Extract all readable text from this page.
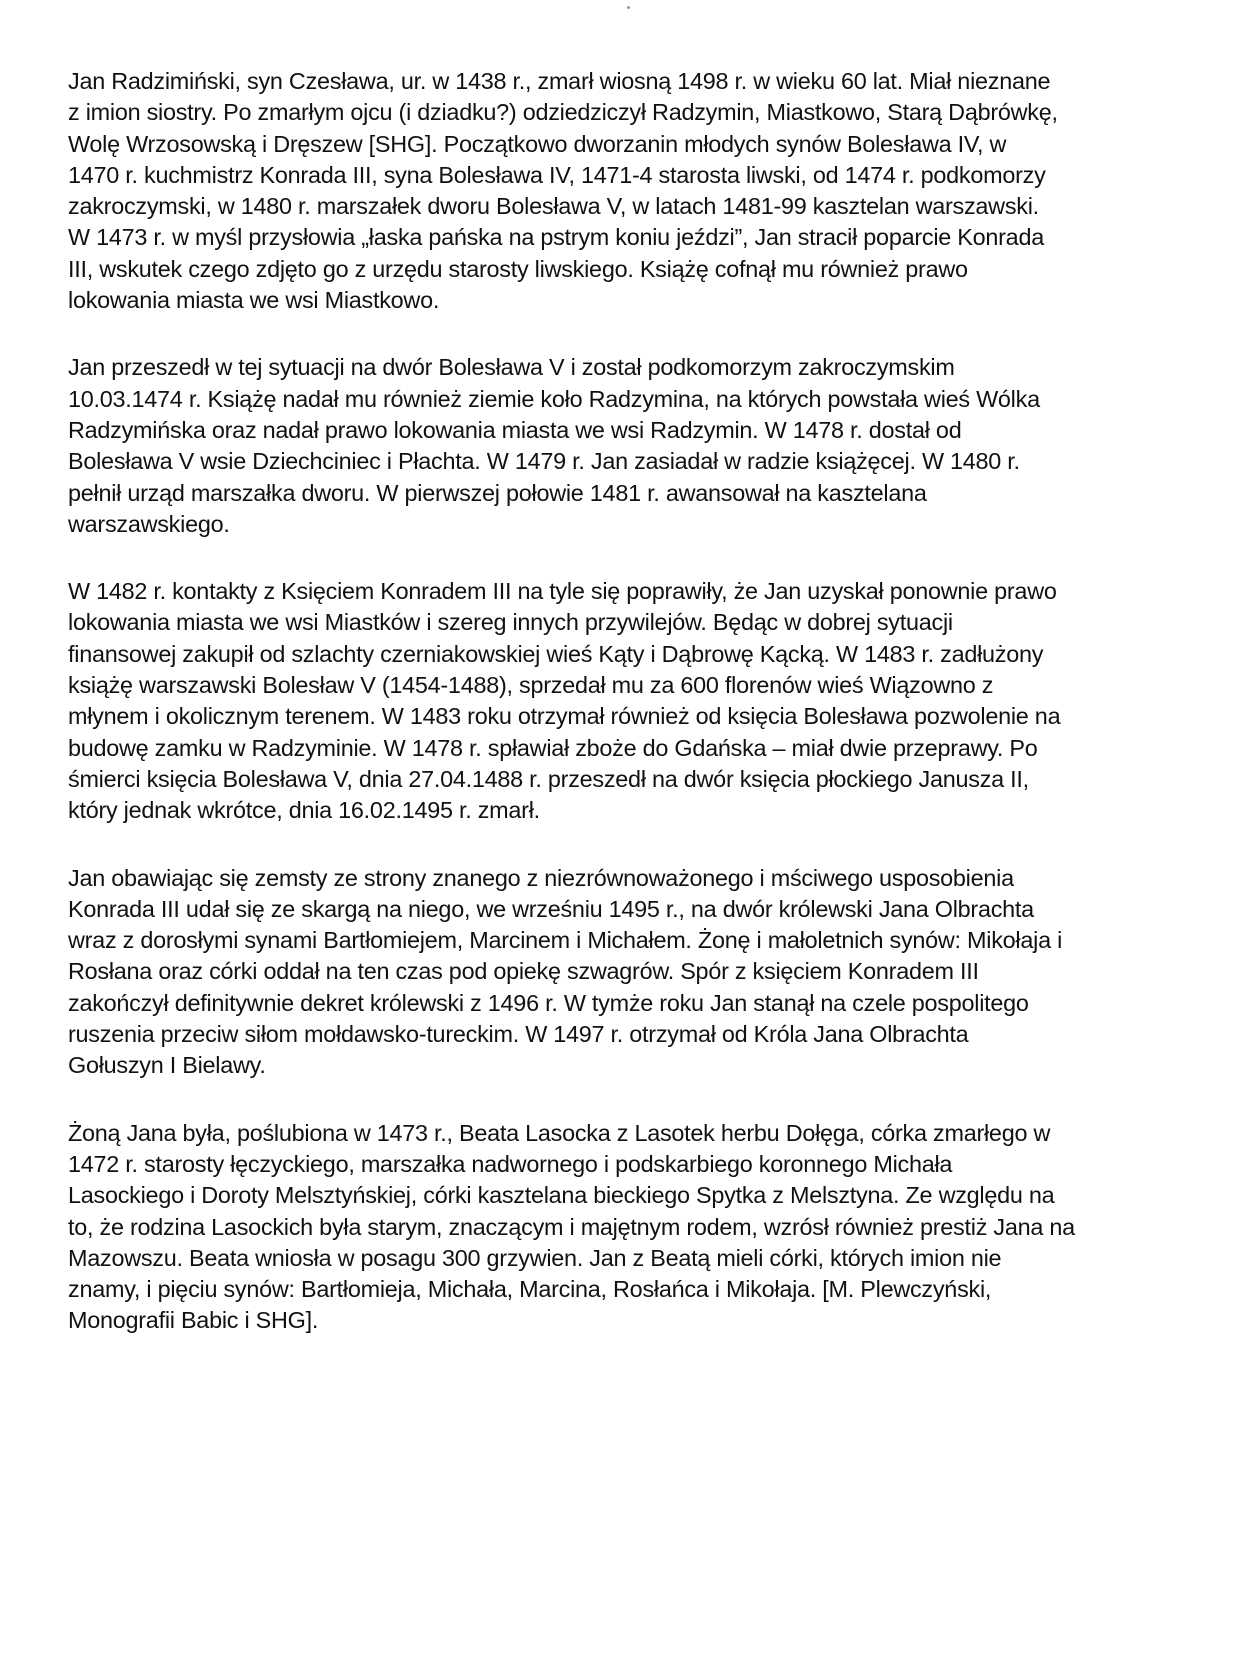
Jan Radzimiński, syn Czesława, ur. w 1438 r., zmarł wiosną 1498 r. w wieku 60 lat. Miał nieznane
z imion siostry. Po zmarłym ojcu (i dziadku?) odziedziczył Radzymin, Miastkowo, Starą Dąbrówkę,
Wolę Wrzosowską i Dręszew [SHG]. Początkowo dworzanin młodych synów Bolesława IV, w
1470 r. kuchmistrz Konrada III, syna Bolesława IV, 1471-4 starosta liwski, od 1474 r. podkomorzy
zakroczymski, w 1480 r. marszałek dworu Bolesława V, w latach 1481-99 kasztelan warszawski.
W 1473 r. w myśl przysłowia „łaska pańska na pstrym koniu jeździ”, Jan stracił poparcie Konrada
III, wskutek czego zdjęto go z urzędu starosty liwskiego. Książę cofnął mu również prawo
lokowania miasta we wsi Miastkowo.
Jan przeszedł w tej sytuacji na dwór Bolesława V i został podkomorzym zakroczymskim
10.03.1474 r. Książę nadał mu również ziemie koło Radzymina, na których powstała wieś Wólka
Radzymińska oraz nadał prawo lokowania miasta we wsi Radzymin. W 1478 r. dostał od
Bolesława V wsie Dziechciniec i Płachta. W 1479 r. Jan zasiadał w radzie książęcej. W 1480 r.
pełnił urząd marszałka dworu. W pierwszej połowie 1481 r. awansował na kasztelana
warszawskiego.
W 1482 r. kontakty z Księciem Konradem III na tyle się poprawiły, że Jan uzyskał ponownie prawo
lokowania miasta we wsi Miastków i szereg innych przywilejów. Będąc w dobrej sytuacji
finansowej zakupił od szlachty czerniakowskiej wieś Kąty i Dąbrowę Kącką. W 1483 r. zadłużony
książę warszawski Bolesław V (1454-1488), sprzedał mu za 600 florenów wieś Wiązowno z
młynem i okolicznym terenem. W 1483 roku otrzymał również od księcia Bolesława pozwolenie na
budowę zamku w Radzyminie. W 1478 r. spławiał zboże do Gdańska – miał dwie przeprawy. Po
śmierci księcia Bolesława V, dnia 27.04.1488 r. przeszedł na dwór księcia płockiego Janusza II,
który jednak wkrótce, dnia 16.02.1495 r. zmarł.
Jan obawiając się zemsty ze strony znanego z niezrównoważonego i mściwego usposobienia
Konrada III udał się ze skargą na niego, we wrześniu 1495 r., na dwór królewski Jana Olbrachta
wraz z dorosłymi synami Bartłomiejem, Marcinem i Michałem. Żonę i małoletnich synów: Mikołaja i
Rosłana oraz córki oddał na ten czas pod opiekę szwagrów. Spór z księciem Konradem III
zakończył definitywnie dekret królewski z 1496 r. W tymże roku Jan stanął na czele pospolitego
ruszenia przeciw siłom mołdawsko-tureckim. W 1497 r. otrzymał od Króla Jana Olbrachta
Gołuszyn I Bielawy.
Żoną Jana była, poślubiona w 1473 r., Beata Lasocka z Lasotek herbu Dołęga, córka zmarłego w
1472 r. starosty łęczyckiego, marszałka nadwornego i podskarbiego koronnego Michała
Lasockiego i Doroty Melsztyńskiej, córki kasztelana bieckiego Spytka z Melsztyna. Ze względu na
to, że rodzina Lasockich była starym, znaczącym i majętnym rodem, wzrósł również prestiż Jana na
Mazowszu. Beata wniosła w posagu 300 grzywien. Jan z Beatą mieli córki, których imion nie
znamy, i pięciu synów: Bartłomieja, Michała, Marcina, Rosłańca i Mikołaja. [M. Plewczyński,
Monografii Babic i SHG].
